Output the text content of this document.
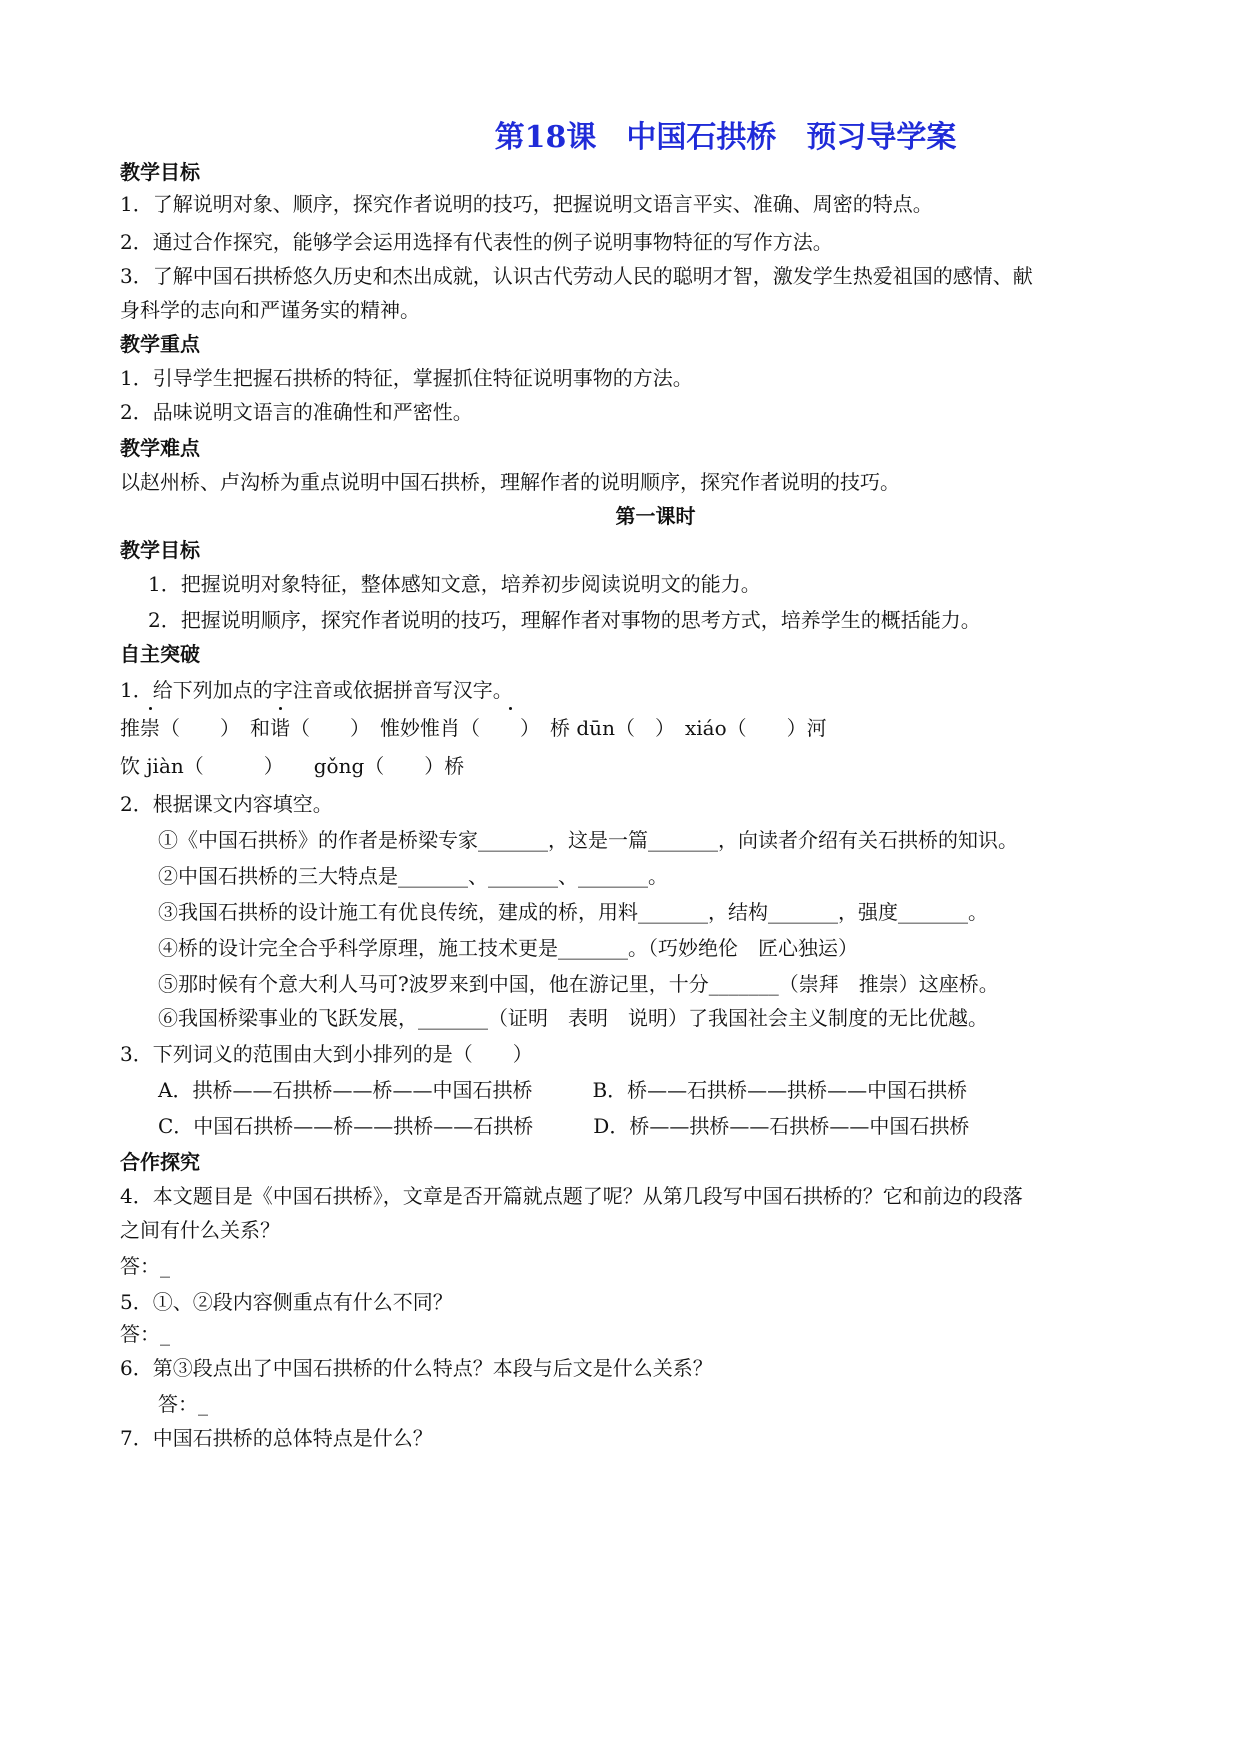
第18课　中国石拱桥　预习导学案
教学目标
1．了解说明对象、顺序，探究作者说明的技巧，把握说明文语言平实、准确、周密的特点。
2．通过合作探究，能够学会运用选择有代表性的例子说明事物特征的写作方法。
3．了解中国石拱桥悠久历史和杰出成就，认识古代劳动人民的聪明才智，激发学生热爱祖国的感情、献
身科学的志向和严谨务实的精神。
教学重点
1．引导学生把握石拱桥的特征，掌握抓住特征说明事物的方法。
2．品味说明文语言的准确性和严密性。
教学难点
以赵州桥、卢沟桥为重点说明中国石拱桥，理解作者的说明顺序，探究作者说明的技巧。
第一课时
教学目标
1．把握说明对象特征，整体感知文意，培养初步阅读说明文的能力。
2．把握说明顺序，探究作者说明的技巧，理解作者对事物的思考方式，培养学生的概括能力。
自主突破
1．给下列加点的字注音或依据拼音写汉字。
推崇（　　 ）　 和谐（　　 ）　 惟妙惟肖（　　 ）　 桥 dūn（　 ）　 xiáo（　　 ）河
饮 jiàn（　　　）　　gǒng（　　）桥
2．根据课文内容填空。
①《中国石拱桥》的作者是桥梁专家_______，这是一篇_______，向读者介绍有关石拱桥的知识。
②中国石拱桥的三大特点是_______、_______、_______。
③我国石拱桥的设计施工有优良传统，建成的桥，用料_______，结构_______，强度_______。
④桥的设计完全合乎科学原理，施工技术更是_______。（巧妙绝伦　匠心独运）
⑤那时候有个意大利人马可?波罗来到中国，他在游记里，十分_______（崇拜　推崇）这座桥。
⑥我国桥梁事业的飞跃发展，_______（证明　表明　说明）了我国社会主义制度的无比优越。
3．下列词义的范围由大到小排列的是（　　）
A．拱桥——石拱桥——桥——中国石拱桥　　　B．桥——石拱桥——拱桥——中国石拱桥
C．中国石拱桥——桥——拱桥——石拱桥　　　D．桥——拱桥——石拱桥——中国石拱桥
合作探究
4．本文题目是《中国石拱桥》，文章是否开篇就点题了呢？从第几段写中国石拱桥的？它和前边的段落
之间有什么关系？
答：_
5．①、②段内容侧重点有什么不同？
答：_
6．第③段点出了中国石拱桥的什么特点？本段与后文是什么关系？
答：_
7．中国石拱桥的总体特点是什么？
